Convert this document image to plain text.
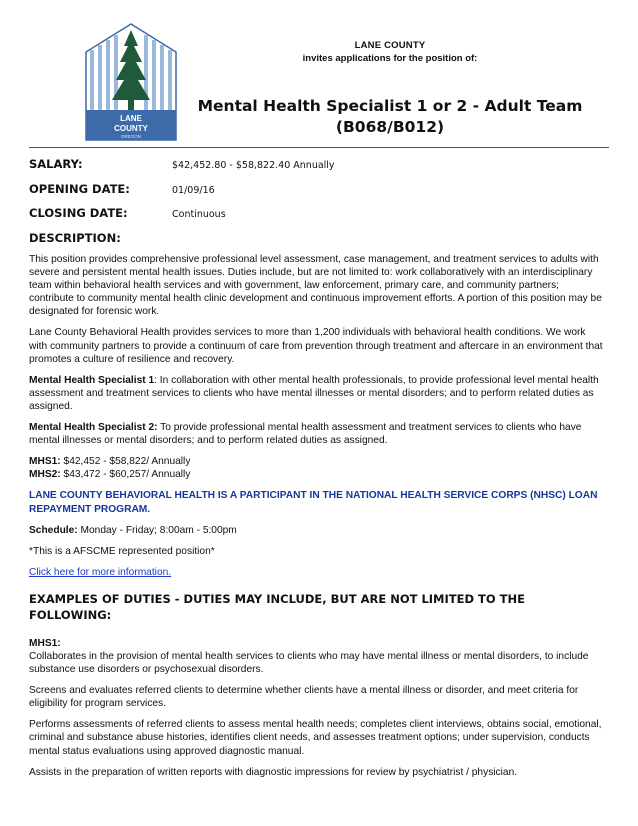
LANE
COUNTY
OREGON
LANE COUNTY
invites applications for the position of:
Mental Health Specialist 1 or 2 - Adult Team
(B068/B012)
SALARY:	$42,452.80 - $58,822.40 Annually
OPENING DATE:	01/09/16
CLOSING DATE:	Continuous
DESCRIPTION:

This position provides comprehensive professional level assessment, case management, and treatment services to adults with severe and persistent mental health issues. Duties include, but are not limited to: work collaboratively with an interdisciplinary team within behavioral health services and with government, law enforcement, primary care, and community partners; contribute to community mental health clinic development and continuous improvement efforts. A portion of this position may be designated for forensic work.

Lane County Behavioral Health provides services to more than 1,200 individuals with behavioral health conditions. We work with community partners to provide a continuum of care from prevention through treatment and aftercare in an environment that promotes a culture of resilience and recovery.

Mental Health Specialist 1: In collaboration with other mental health professionals, to provide professional level mental health assessment and treatment services to clients who have mental illnesses or mental disorders; and to perform related duties as assigned.

Mental Health Specialist 2: To provide professional mental health assessment and treatment services to clients who have mental illnesses or mental disorders; and to perform related duties as assigned.

MHS1: $42,452 - $58,822/ Annually
MHS2: $43,472 - $60,257/ Annually

LANE COUNTY BEHAVIORAL HEALTH IS A PARTICIPANT IN THE NATIONAL HEALTH SERVICE CORPS (NHSC) LOAN REPAYMENT PROGRAM.

Schedule: Monday - Friday; 8:00am - 5:00pm

*This is a AFSCME represented position*

Click here for more information.

EXAMPLES OF DUTIES - DUTIES MAY INCLUDE, BUT ARE NOT LIMITED TO THE FOLLOWING:

MHS1:
Collaborates in the provision of mental health services to clients who may have mental illness or mental disorders, to include substance use disorders or psychosexual disorders.

Screens and evaluates referred clients to determine whether clients have a mental illness or disorder, and meet criteria for eligibility for program services.

Performs assessments of referred clients to assess mental health needs; completes client interviews, obtains social, emotional, criminal and substance abuse histories, identifies client needs, and assesses treatment options; under supervision, conducts mental status evaluations using approved diagnostic manual.

Assists in the preparation of written reports with diagnostic impressions for review by psychiatrist / physician.
